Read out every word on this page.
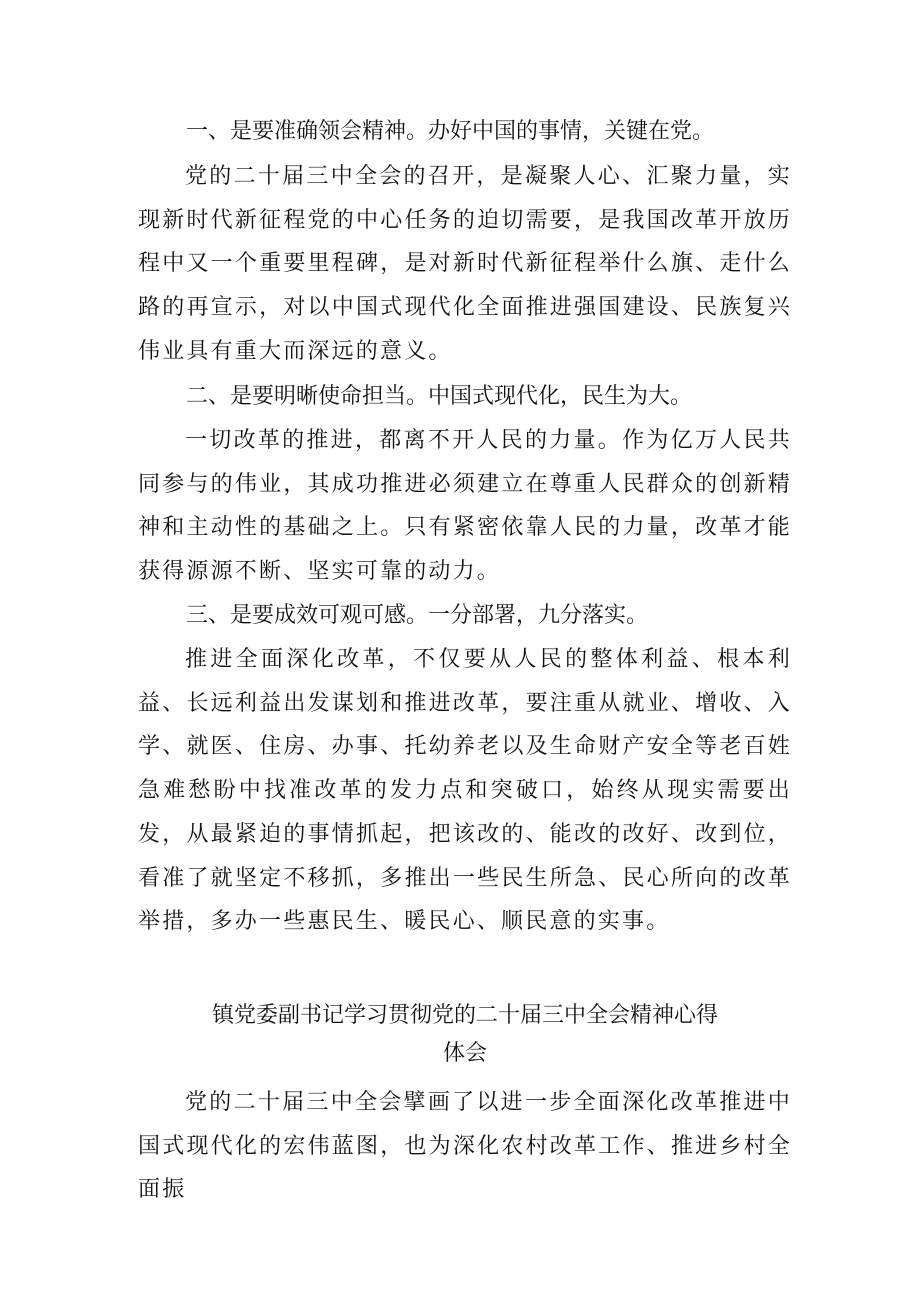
一、是要准确领会精神。办好中国的事情，关键在党。
党的二十届三中全会的召开，是凝聚人心、汇聚力量，实现新时代新征程党的中心任务的迫切需要，是我国改革开放历程中又一个重要里程碑，是对新时代新征程举什么旗、走什么路的再宣示，对以中国式现代化全面推进强国建设、民族复兴伟业具有重大而深远的意义。
二、是要明晰使命担当。中国式现代化，民生为大。
一切改革的推进，都离不开人民的力量。作为亿万人民共同参与的伟业，其成功推进必须建立在尊重人民群众的创新精神和主动性的基础之上。只有紧密依靠人民的力量，改革才能获得源源不断、坚实可靠的动力。
三、是要成效可观可感。一分部署，九分落实。
推进全面深化改革，不仅要从人民的整体利益、根本利益、长远利益出发谋划和推进改革，要注重从就业、增收、入学、就医、住房、办事、托幼养老以及生命财产安全等老百姓急难愁盼中找准改革的发力点和突破口，始终从现实需要出发，从最紧迫的事情抓起，把该改的、能改的改好、改到位，看准了就坚定不移抓，多推出一些民生所急、民心所向的改革举措，多办一些惠民生、暖民心、顺民意的实事。
镇党委副书记学习贯彻党的二十届三中全会精神心得
体会
党的二十届三中全会擘画了以进一步全面深化改革推进中国式现代化的宏伟蓝图，也为深化农村改革工作、推进乡村全面振
